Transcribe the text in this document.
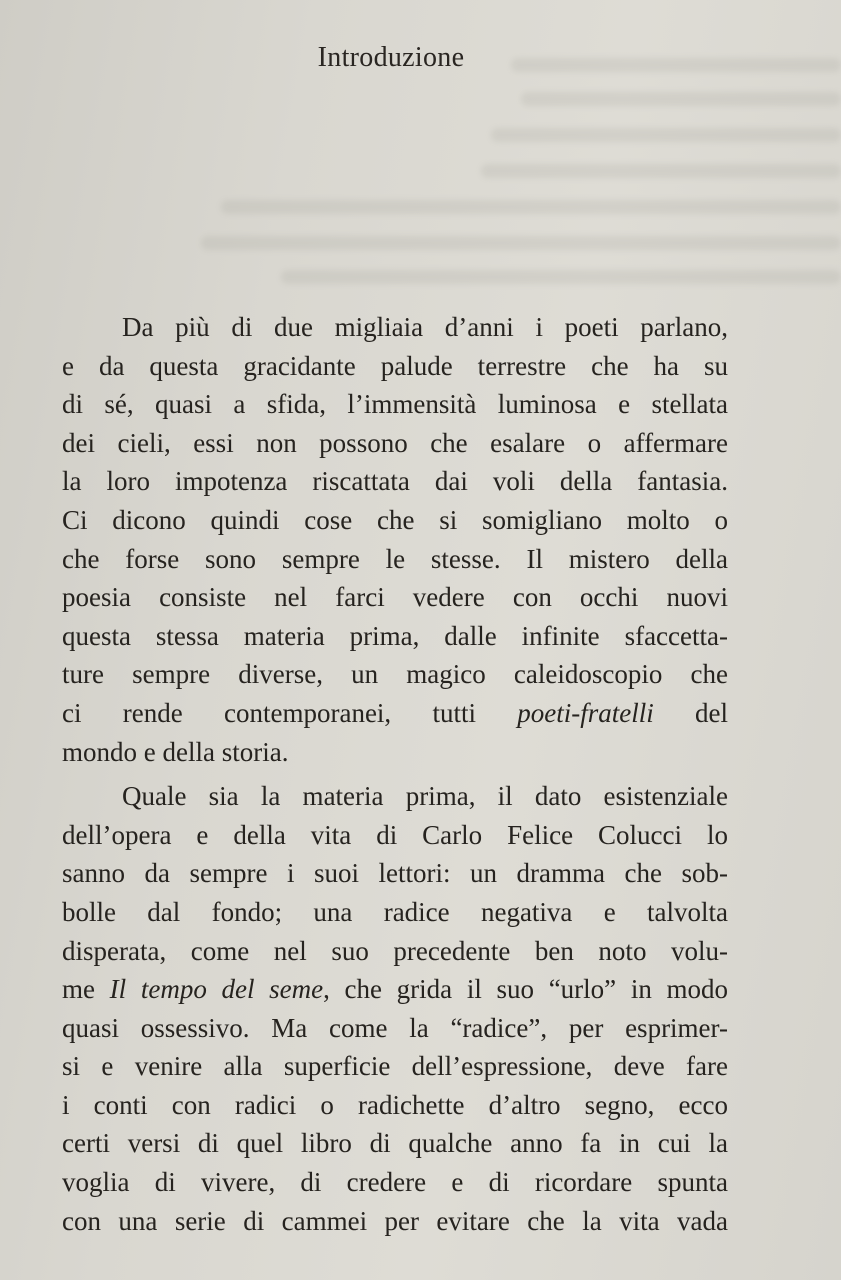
Introduzione
Da più di due migliaia d’anni i poeti parlano,
e da questa gracidante palude terrestre che ha su
di sé, quasi a sfida, l’immensità luminosa e stellata
dei cieli, essi non possono che esalare o affermare
la loro impotenza riscattata dai voli della fantasia.
Ci dicono quindi cose che si somigliano molto o
che forse sono sempre le stesse. Il mistero della
poesia consiste nel farci vedere con occhi nuovi
questa stessa materia prima, dalle infinite sfaccetta-
ture sempre diverse, un magico caleidoscopio che
ci rende contemporanei, tutti poeti-fratelli del
mondo e della storia.
Quale sia la materia prima, il dato esistenziale
dell’opera e della vita di Carlo Felice Colucci lo
sanno da sempre i suoi lettori: un dramma che sob-
bolle dal fondo; una radice negativa e talvolta
disperata, come nel suo precedente ben noto volu-
me Il tempo del seme, che grida il suo “urlo” in modo
quasi ossessivo. Ma come la “radice”, per esprimer-
si e venire alla superficie dell’espressione, deve fare
i conti con radici o radichette d’altro segno, ecco
certi versi di quel libro di qualche anno fa in cui la
voglia di vivere, di credere e di ricordare spunta
con una serie di cammei per evitare che la vita vada
